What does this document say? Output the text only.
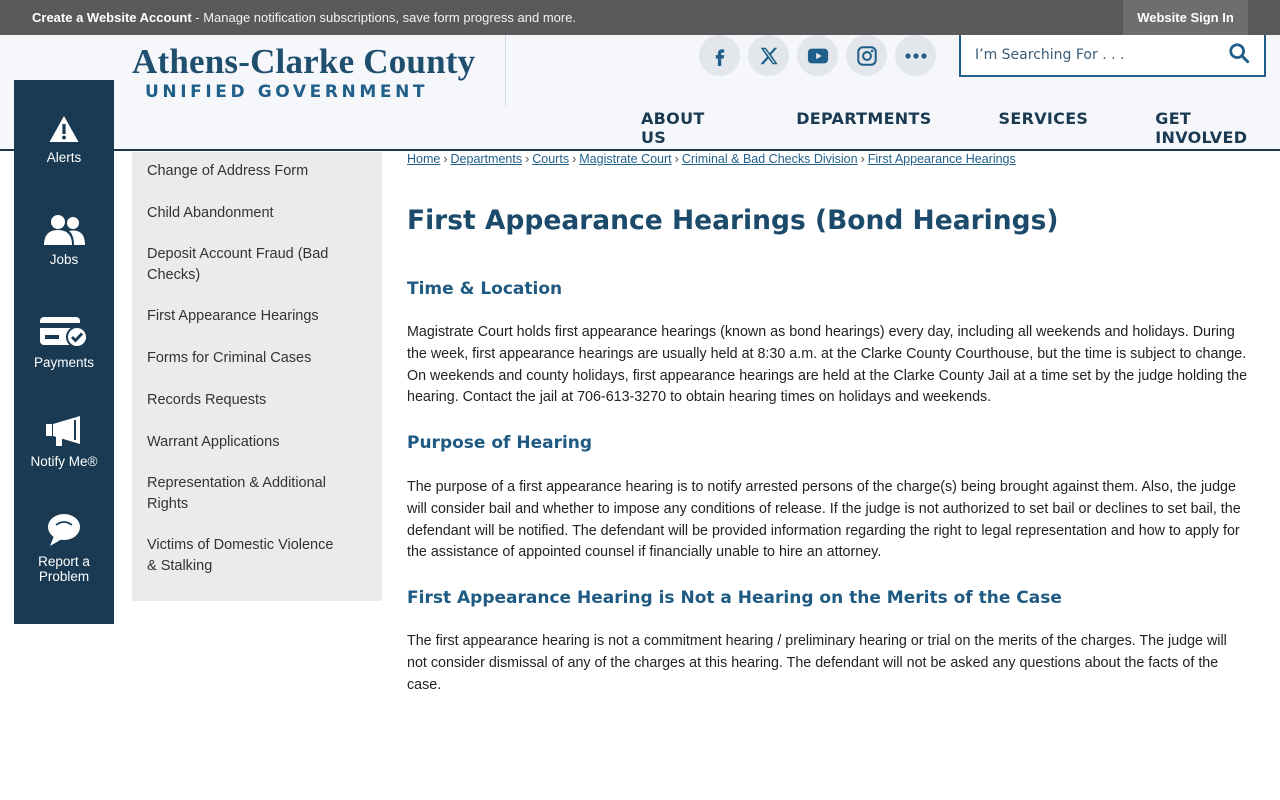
Create a Website Account - Manage notification subscriptions, save form progress and more.	Website Sign In
Athens-Clarke County
UNIFIED GOVERNMENT
I’m Searching For . . .
ABOUT US
DEPARTMENTS	SERVICES	GET INVOLVED
Alerts
Jobs
Payments
Notify Me®
Report a Problem
Change of Address Form
Child Abandonment
Deposit Account Fraud (Bad Checks)
First Appearance Hearings
Forms for Criminal Cases
Records Requests
Warrant Applications
Representation & Additional Rights
Victims of Domestic Violence & Stalking
Home › Departments › Courts › Magistrate Court › Criminal & Bad Checks Division › First Appearance Hearings
First Appearance Hearings (Bond Hearings)
Time & Location
Magistrate Court holds first appearance hearings (known as bond hearings) every day, including all weekends and holidays. During the week, first appearance hearings are usually held at 8:30 a.m. at the Clarke County Courthouse, but the time is subject to change. On weekends and county holidays, first appearance hearings are held at the Clarke County Jail at a time set by the judge holding the hearing. Contact the jail at 706-613-3270 to obtain hearing times on holidays and weekends.
Purpose of Hearing
The purpose of a first appearance hearing is to notify arrested persons of the charge(s) being brought against them. Also, the judge will consider bail and whether to impose any conditions of release. If the judge is not authorized to set bail or declines to set bail, the defendant will be notified. The defendant will be provided information regarding the right to legal representation and how to apply for the assistance of appointed counsel if financially unable to hire an attorney.
First Appearance Hearing is Not a Hearing on the Merits of the Case
The first appearance hearing is not a commitment hearing / preliminary hearing or trial on the merits of the charges. The judge will not consider dismissal of any of the charges at this hearing. The defendant will not be asked any questions about the facts of the case.
